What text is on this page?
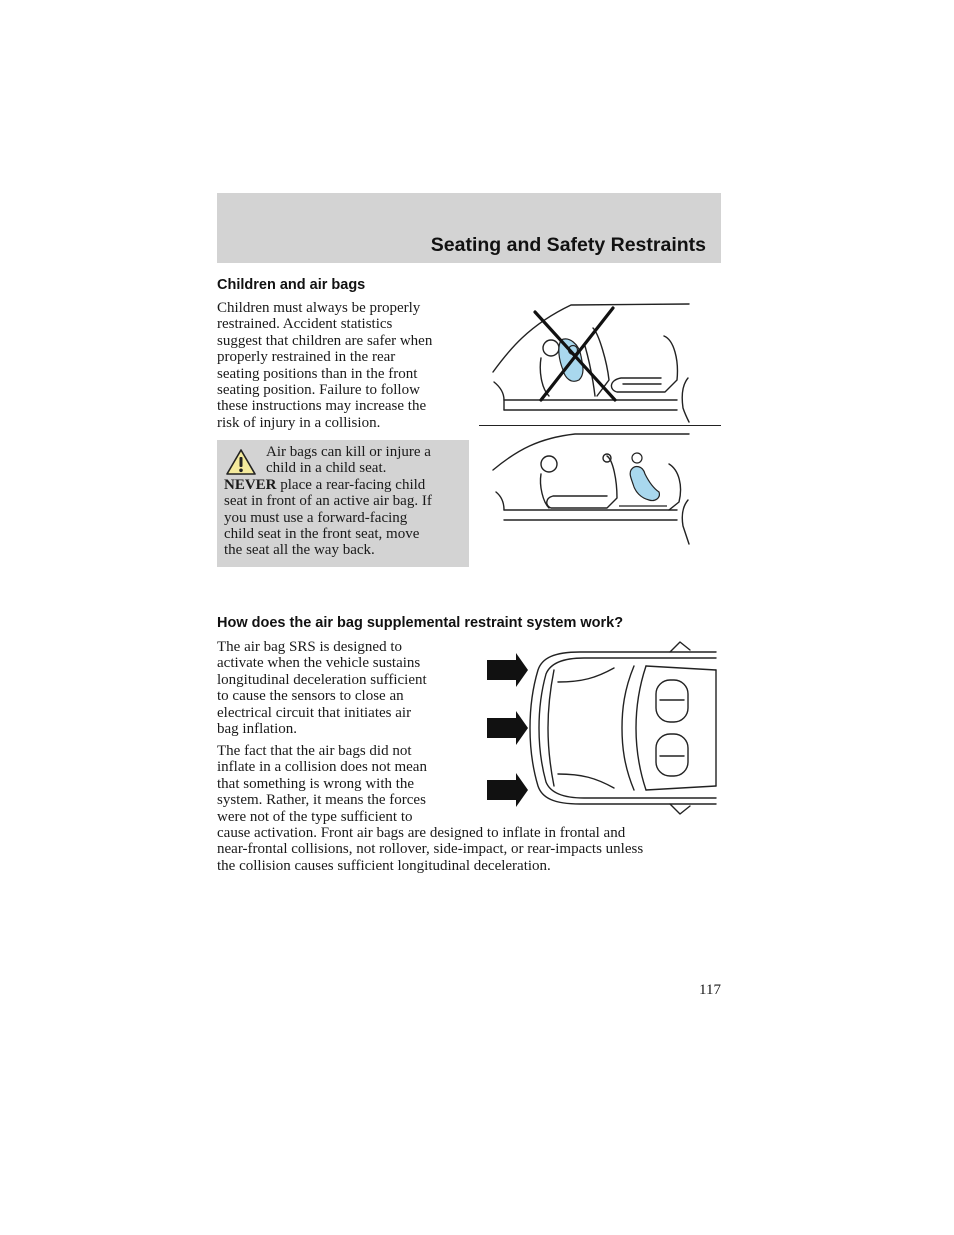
Seating and Safety Restraints
Children and air bags

Children must always be properly
restrained. Accident statistics
suggest that children are safer when
properly restrained in the rear
seating positions than in the front
seating position. Failure to follow
these instructions may increase the
risk of injury in a collision.

Air bags can kill or injure a
child in a child seat.
NEVER place a rear-facing child
seat in front of an active air bag. If
you must use a forward-facing
child seat in the front seat, move
the seat all the way back.
How does the air bag supplemental restraint system work?

The air bag SRS is designed to
activate when the vehicle sustains
longitudinal deceleration sufficient
to cause the sensors to close an
electrical circuit that initiates air
bag inflation.

The fact that the air bags did not
inflate in a collision does not mean
that something is wrong with the
system. Rather, it means the forces
were not of the type sufficient to
cause activation. Front air bags are designed to inflate in frontal and
near-frontal collisions, not rollover, side-impact, or rear-impacts unless
the collision causes sufficient longitudinal deceleration.

117
